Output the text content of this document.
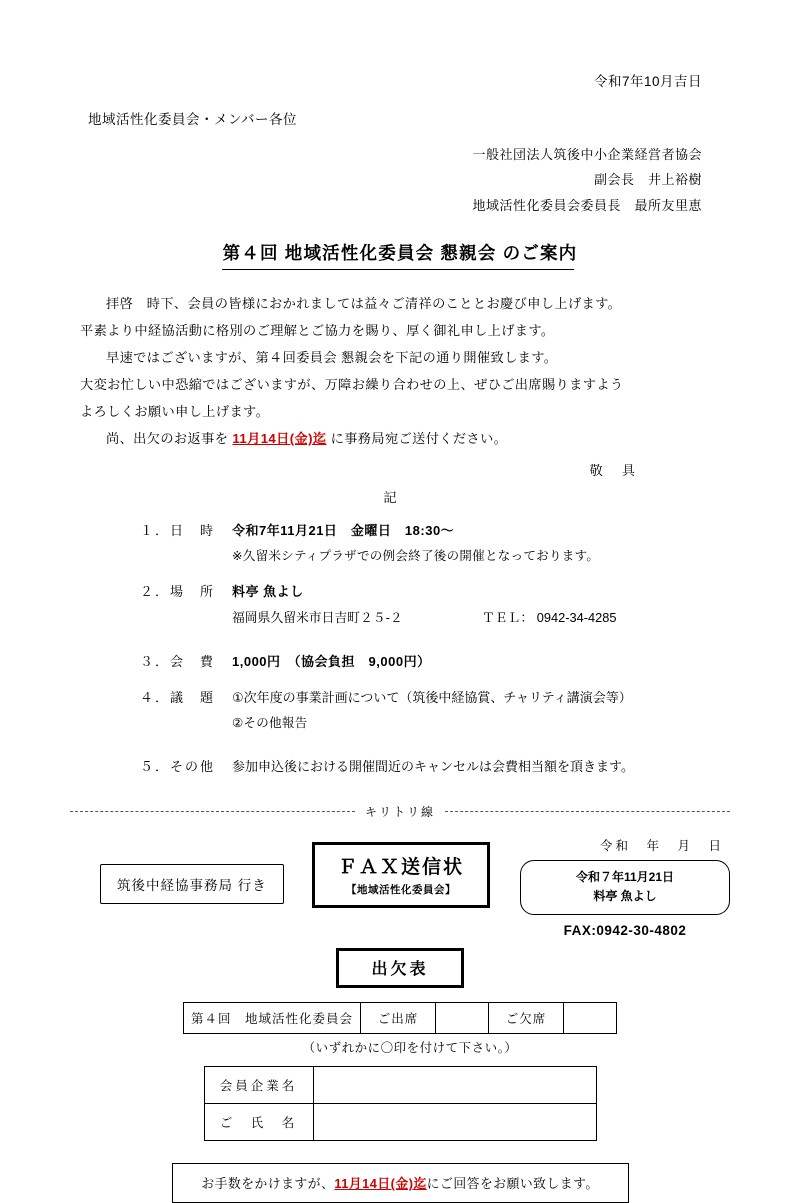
令和7年10月吉日
地域活性化委員会・メンバー各位
一般社団法人筑後中小企業経営者協会
副会長　井上裕樹
地域活性化委員会委員長　最所友里恵
第４回 地域活性化委員会 懇親会 のご案内
拝啓　時下、会員の皆様におかれましては益々ご清祥のこととお慶び申し上げます。
平素より中経協活動に格別のご理解とご協力を賜り、厚く御礼申し上げます。
早速ではございますが、第４回委員会 懇親会を下記の通り開催致します。
大変お忙しい中恐縮ではございますが、万障お繰り合わせの上、ぜひご出席賜りますよう
よろしくお願い申し上げます。
尚、出欠のお返事を 11月14日(金)迄 に事務局宛ご送付ください。
敬　具
記
１．日　時	令和7年11月21日　金曜日　18:30～
※久留米シティプラザでの例会終了後の開催となっております。
２．場　所	料亭 魚よし
福岡県久留米市日吉町２５-２	ＴＥＬ： 0942-34-4285
３．会　費	1,000円　（協会負担　9,000円）
４．議　題	①次年度の事業計画について（筑後中経協賞、チャリティ講演会等）
②その他報告
５．その他	参加申込後における開催間近のキャンセルは会費相当額を頂きます。
キリトリ線
筑後中経協事務局 行き
ＦＡＸ送信状
【地域活性化委員会】
令和　年　月　日
令和７年11月21日
料亭 魚よし
FAX:0942-30-4802
出欠表
第４回　地域活性化委員会	ご出席		ご欠席	
（いずれかに〇印を付けて下さい。）
会員企業名	
ご　氏　名	
お手数をかけますが、11月14日(金)迄にご回答をお願い致します。
